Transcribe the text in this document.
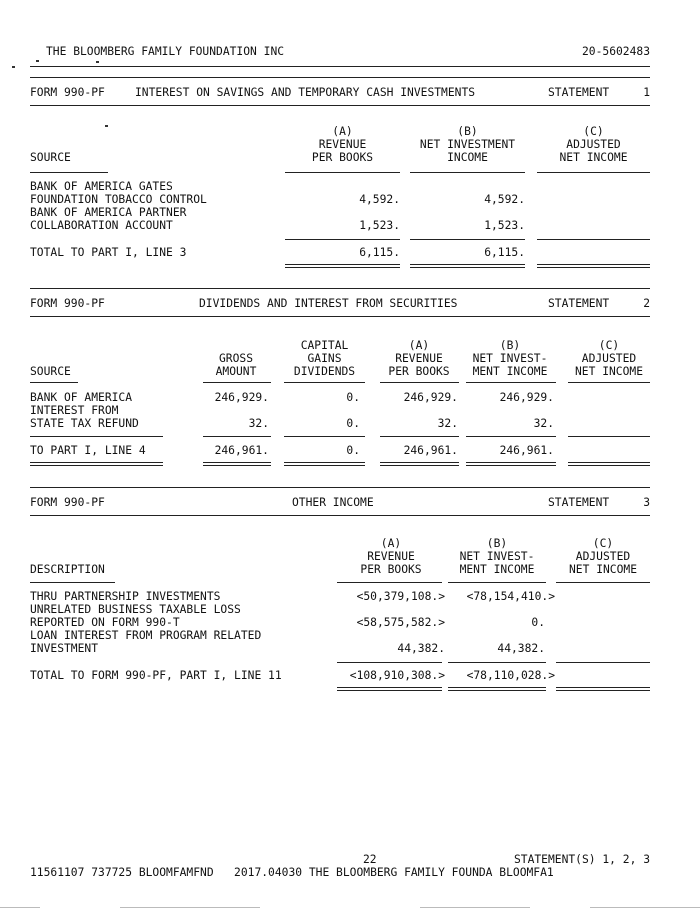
THE BLOOMBERG FAMILY FOUNDATION INC	20-5602483
FORM 990-PF	INTEREST ON SAVINGS AND TEMPORARY CASH INVESTMENTS	STATEMENT	1
(A)
REVENUE
PER BOOKS
(B)
NET INVESTMENT
INCOME
(C)
ADJUSTED
NET INCOME
SOURCE
BANK OF AMERICA GATES
FOUNDATION TOBACCO CONTROL	4,592.	4,592.
BANK OF AMERICA PARTNER
COLLABORATION ACCOUNT	1,523.	1,523.
TOTAL TO PART I, LINE 3	6,115.	6,115.
FORM 990-PF	DIVIDENDS AND INTEREST FROM SECURITIES	STATEMENT	2
CAPITAL
GAINS
DIVIDENDS
(A)
REVENUE
PER BOOKS
(B)
NET INVEST-
MENT INCOME
(C)
ADJUSTED
NET INCOME
GROSS
AMOUNT
SOURCE
BANK OF AMERICA	246,929.	0.	246,929.	246,929.
INTEREST FROM
STATE TAX REFUND	32.	0.	32.	32.
TO PART I, LINE 4	246,961.	0.	246,961.	246,961.
FORM 990-PF	OTHER INCOME	STATEMENT	3
(A)
REVENUE
PER BOOKS
(B)
NET INVEST-
MENT INCOME
(C)
ADJUSTED
NET INCOME
DESCRIPTION
THRU PARTNERSHIP INVESTMENTS	<50,379,108.>	<78,154,410.>
UNRELATED BUSINESS TAXABLE LOSS
REPORTED ON FORM 990-T	<58,575,582.>	0.
LOAN INTEREST FROM PROGRAM RELATED
INVESTMENT	44,382.	44,382.
TOTAL TO FORM 990-PF, PART I, LINE 11	<108,910,308.>	<78,110,028.>
22	STATEMENT(S) 1, 2, 3
11561107 737725 BLOOMFAMFND   2017.04030 THE BLOOMBERG FAMILY FOUNDA BLOOMFA1
